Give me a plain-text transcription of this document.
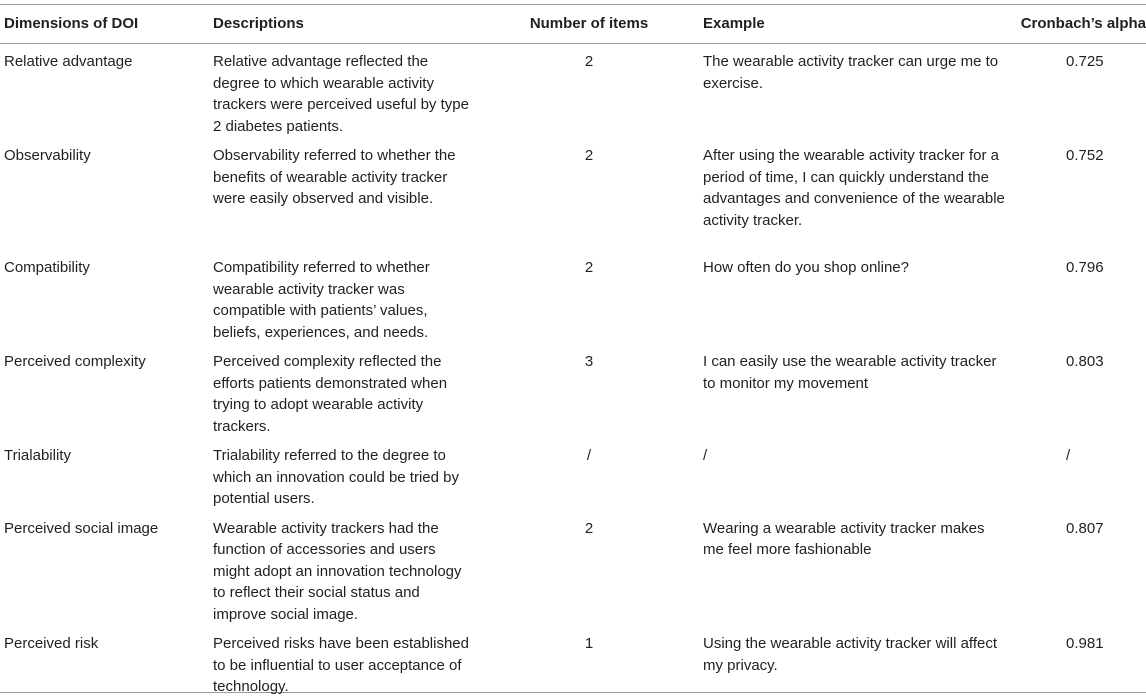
Dimensions of DOI	Descriptions	Number of items	Example	Cronbach’s alpha
Relative advantage	Relative advantage reflected the degree to which wearable activity trackers were perceived useful by type 2 diabetes patients.	2	The wearable activity tracker can urge me to exercise.	0.725
Observability	Observability referred to whether the benefits of wearable activity tracker were easily observed and visible.	2	After using the wearable activity tracker for a period of time, I can quickly understand the advantages and convenience of the wearable activity tracker.	0.752
Compatibility	Compatibility referred to whether wearable activity tracker was compatible with patients’ values, beliefs, experiences, and needs.	2	How often do you shop online?	0.796
Perceived complexity	Perceived complexity reflected the efforts patients demonstrated when trying to adopt wearable activity trackers.	3	I can easily use the wearable activity tracker to monitor my movement	0.803
Trialability	Trialability referred to the degree to which an innovation could be tried by potential users.	/	/	/
Perceived social image	Wearable activity trackers had the function of accessories and users might adopt an innovation technology to reflect their social status and improve social image.	2	Wearing a wearable activity tracker makes me feel more fashionable	0.807
Perceived risk	Perceived risks have been established to be influential to user acceptance of technology.	1	Using the wearable activity tracker will affect my privacy.	0.981
